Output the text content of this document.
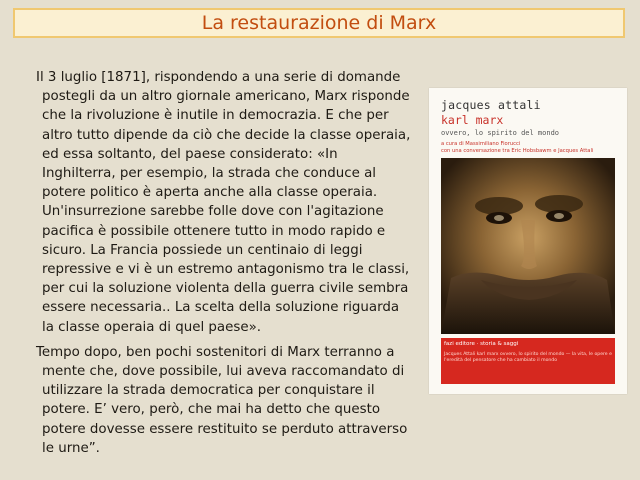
La restaurazione di Marx

Il 3 luglio [1871], rispondendo a una serie di domande postegli da un altro giornale americano, Marx risponde che la rivoluzione è inutile in democrazia. E che per altro tutto dipende da ciò che decide la classe operaia, ed essa soltanto, del paese considerato: «In Inghilterra, per esempio, la strada che conduce al potere politico è aperta anche alla classe operaia. Un'insurrezione sarebbe folle dove con l'agitazione pacifica è possibile ottenere tutto in modo rapido e sicuro. La Francia possiede un centinaio di leggi repressive e vi è un estremo antagonismo tra le classi, per cui la soluzione violenta della guerra civile sembra essere necessaria.. La scelta della soluzione riguarda la classe operaia di quel paese».

Tempo dopo, ben pochi sostenitori di Marx terranno a mente che, dove possibile, lui aveva raccomandato di utilizzare la strada democratica per conquistare il potere. E’ vero, però, che mai ha detto che questo potere dovesse essere restituito se perduto attraverso le urne”.

jacques attali
karl marx
ovvero, lo spirito del mondo
a cura di Massimiliano Fiorucci
con una conversazione tra Eric Hobsbawm e Jacques Attali
fazi editore · storia & saggi
Jacques Attali karl marx ovvero, lo spirito del mondo — la vita, le opere e l'eredità del pensatore che ha cambiato il mondo
